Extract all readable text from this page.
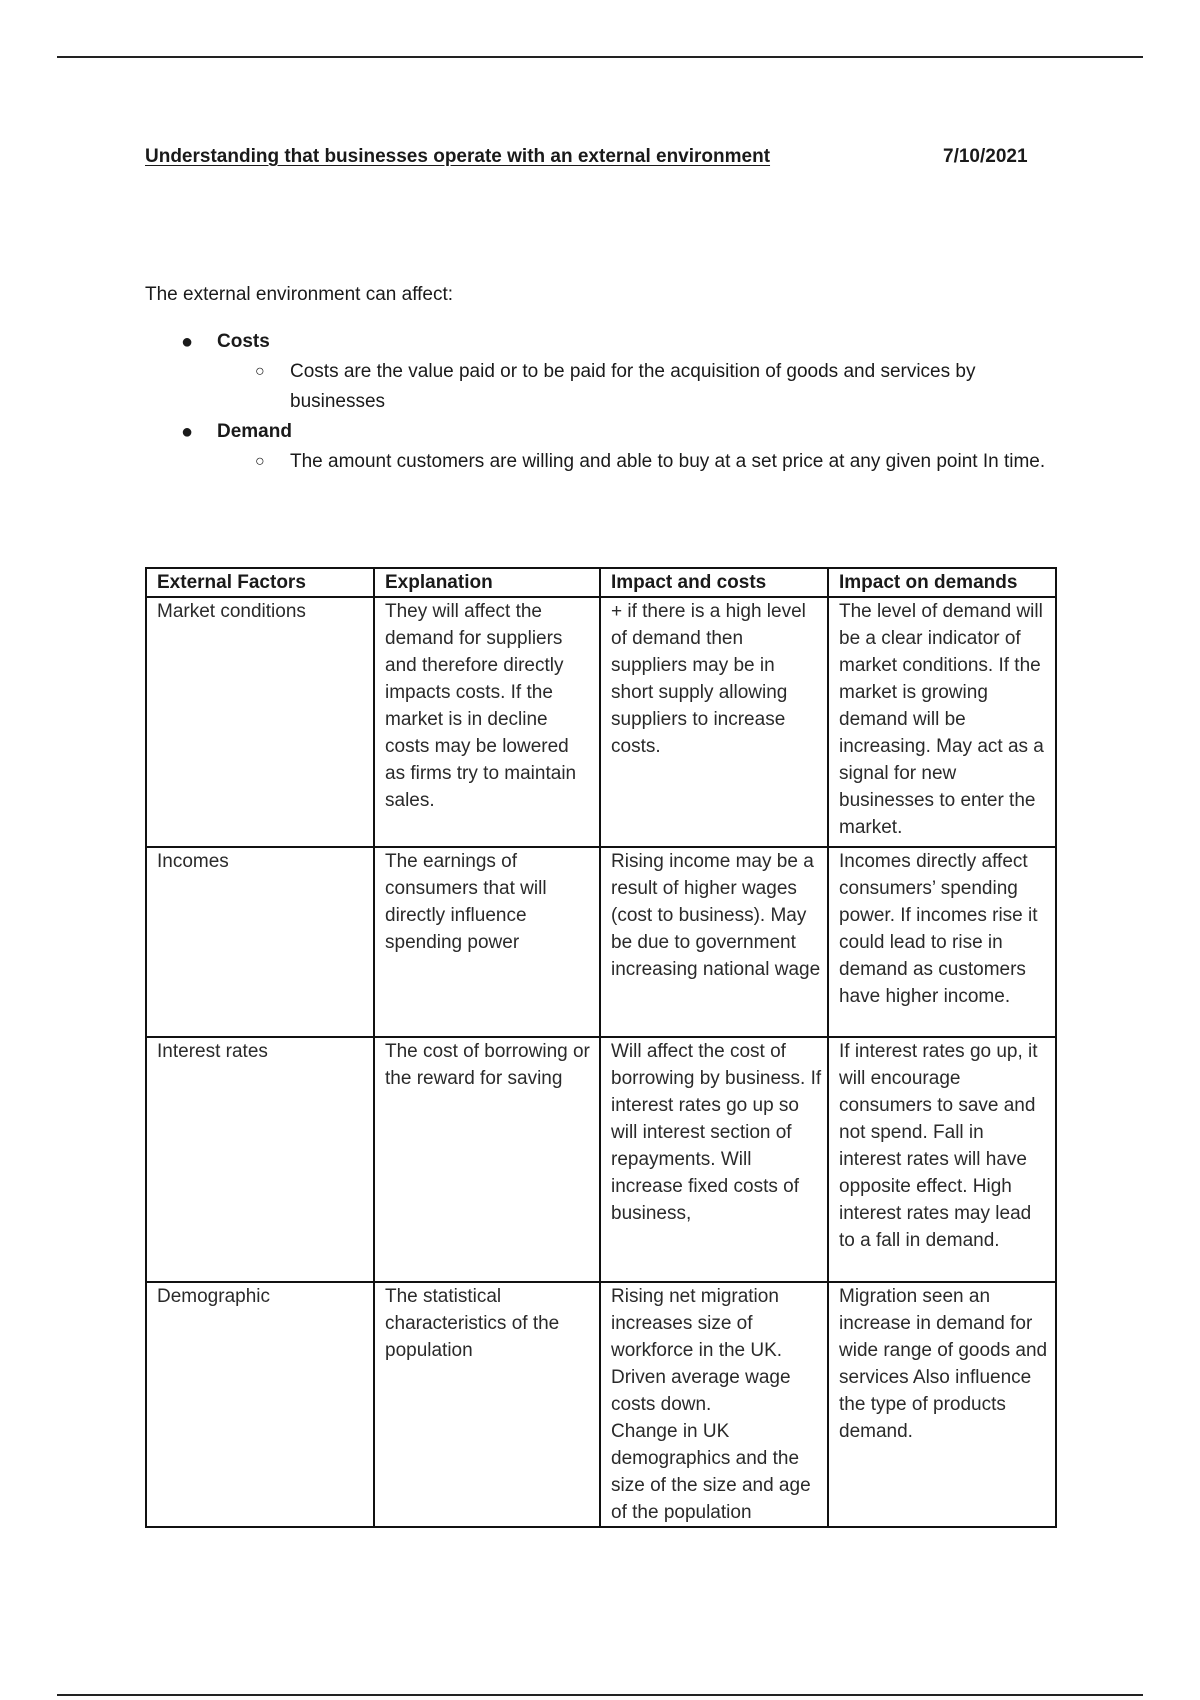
Understanding that businesses operate with an external environment	7/10/2021
The external environment can affect:
● Costs
○ Costs are the value paid or to be paid for the acquisition of goods and services by businesses
● Demand
○ The amount customers are willing and able to buy at a set price at any given point In time.
External Factors	Explanation	Impact and costs	Impact on demands

Market conditions	They will affect the demand for suppliers and therefore directly impacts costs. If the market is in decline costs may be lowered as firms try to maintain sales.	+ if there is a high level of demand then suppliers may be in short supply allowing suppliers to increase costs.	The level of demand will be a clear indicator of market conditions. If the market is growing demand will be increasing. May act as a signal for new businesses to enter the market.

Incomes	The earnings of consumers that will directly influence spending power	Rising income may be a result of higher wages (cost to business). May be due to government increasing national wage	Incomes directly affect consumers’ spending power. If incomes rise it could lead to rise in demand as customers have higher income.

Interest rates	The cost of borrowing or the reward for saving	Will affect the cost of borrowing by business. If interest rates go up so will interest section of repayments. Will increase fixed costs of business,	If interest rates go up, it will encourage consumers to save and not spend. Fall in interest rates will have opposite effect. High interest rates may lead to a fall in demand.

Demographic	The statistical characteristics of the population	Rising net migration increases size of workforce in the UK. Driven average wage costs down.
Change in UK demographics and the size of the size and age of the population	Migration seen an increase in demand for wide range of goods and services Also influence the type of products demand.
